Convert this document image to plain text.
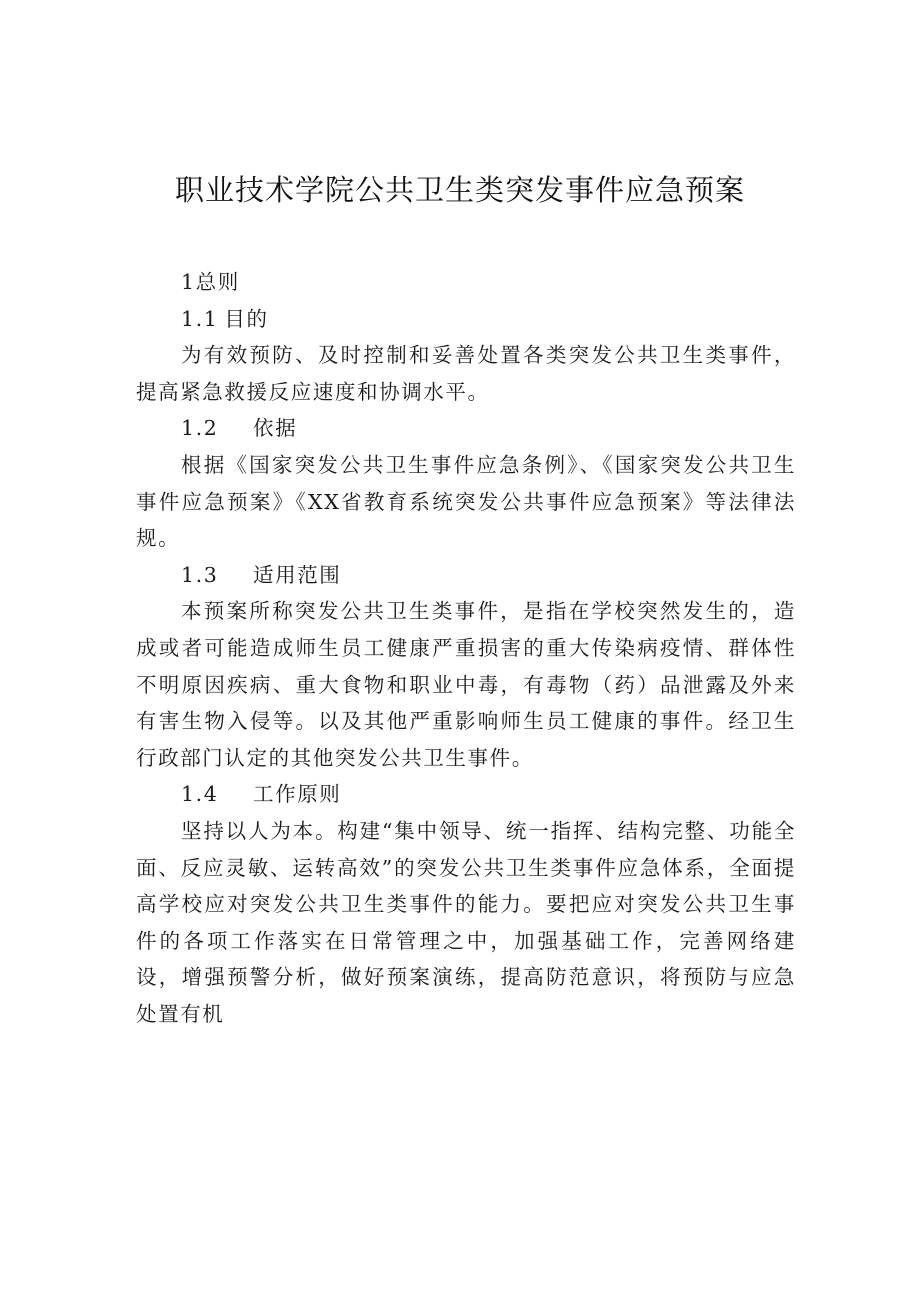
职业技术学院公共卫生类突发事件应急预案

1总则

1.1 目的

为有效预防、及时控制和妥善处置各类突发公共卫生类事件，提高紧急救援反应速度和协调水平。

1.2 依据

根据《国家突发公共卫生事件应急条例》、《国家突发公共卫生事件应急预案》《XX省教育系统突发公共事件应急预案》等法律法规。

1.3 适用范围

本预案所称突发公共卫生类事件，是指在学校突然发生的，造成或者可能造成师生员工健康严重损害的重大传染病疫情、群体性不明原因疾病、重大食物和职业中毒，有毒物（药）品泄露及外来有害生物入侵等。以及其他严重影响师生员工健康的事件。经卫生行政部门认定的其他突发公共卫生事件。

1.4 工作原则

坚持以人为本。构建“集中领导、统一指挥、结构完整、功能全面、反应灵敏、运转高效”的突发公共卫生类事件应急体系，全面提高学校应对突发公共卫生类事件的能力。要把应对突发公共卫生事件的各项工作落实在日常管理之中，加强基础工作，完善网络建设，增强预警分析，做好预案演练，提高防范意识，将预防与应急处置有机
